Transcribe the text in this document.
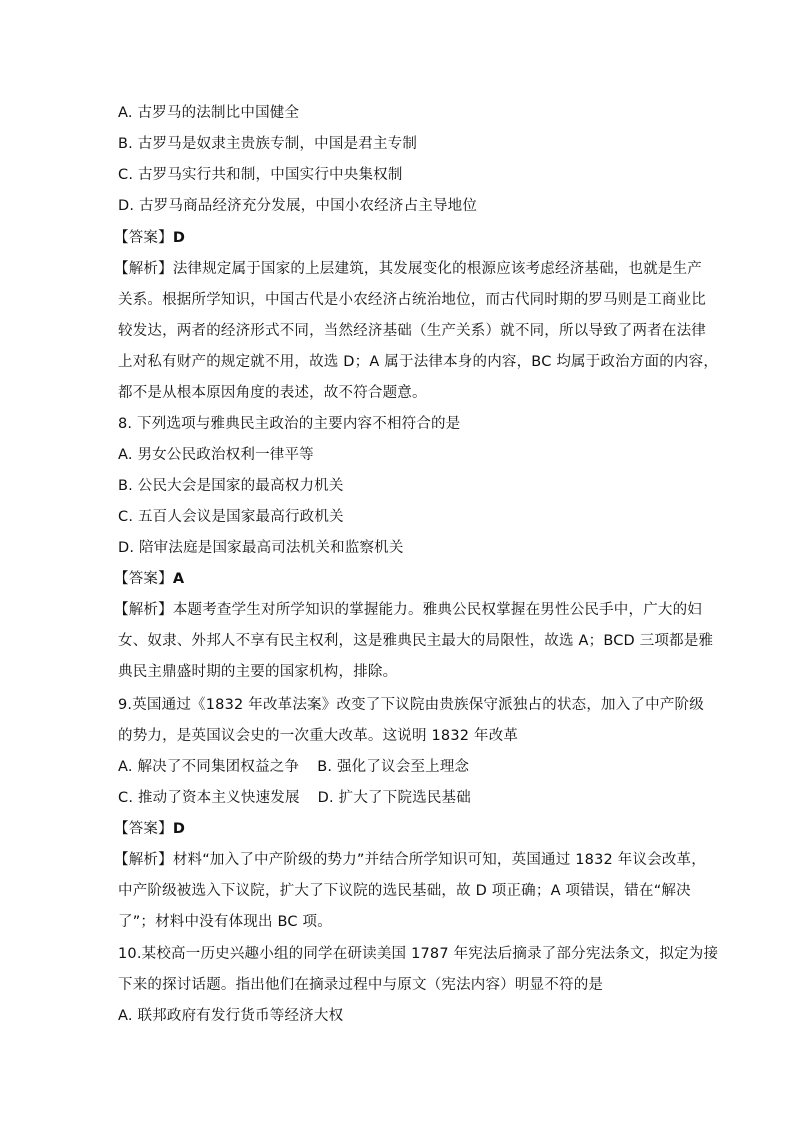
A. 古罗马的法制比中国健全
B. 古罗马是奴隶主贵族专制，中国是君主专制
C. 古罗马实行共和制，中国实行中央集权制
D. 古罗马商品经济充分发展，中国小农经济占主导地位
【答案】D
【解析】法律规定属于国家的上层建筑，其发展变化的根源应该考虑经济基础，也就是生产
关系。根据所学知识，中国古代是小农经济占统治地位，而古代同时期的罗马则是工商业比
较发达，两者的经济形式不同，当然经济基础（生产关系）就不同，所以导致了两者在法律
上对私有财产的规定就不用，故选 D；A 属于法律本身的内容，BC 均属于政治方面的内容，
都不是从根本原因角度的表述，故不符合题意。
8. 下列选项与雅典民主政治的主要内容不相符合的是
A. 男女公民政治权利一律平等
B. 公民大会是国家的最高权力机关
C. 五百人会议是国家最高行政机关
D. 陪审法庭是国家最高司法机关和监察机关
【答案】A
【解析】本题考查学生对所学知识的掌握能力。雅典公民权掌握在男性公民手中，广大的妇
女、奴隶、外邦人不享有民主权利，这是雅典民主最大的局限性，故选 A；BCD 三项都是雅
典民主鼎盛时期的主要的国家机构，排除。
9.英国通过《1832 年改革法案》改变了下议院由贵族保守派独占的状态，加入了中产阶级
的势力，是英国议会史的一次重大改革。这说明 1832 年改革
A. 解决了不同集团权益之争 B. 强化了议会至上理念
C. 推动了资本主义快速发展 D. 扩大了下院选民基础
【答案】D
【解析】材料“加入了中产阶级的势力”并结合所学知识可知，英国通过 1832 年议会改革，
中产阶级被选入下议院，扩大了下议院的选民基础，故 D 项正确；A 项错误，错在“解决
了”；材料中没有体现出 BC 项。
10.某校高一历史兴趣小组的同学在研读美国 1787 年宪法后摘录了部分宪法条文，拟定为接
下来的探讨话题。指出他们在摘录过程中与原文（宪法内容）明显不符的是
A. 联邦政府有发行货币等经济大权
